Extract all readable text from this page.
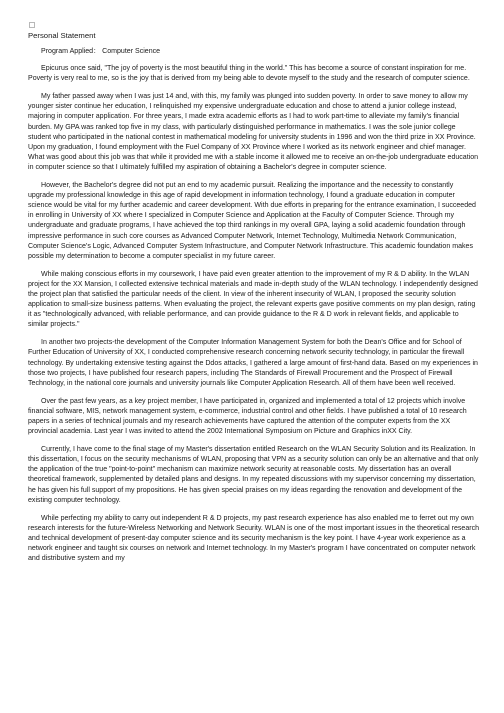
Personal Statement

Program Applied： Computer Science

Epicurus once said, "The joy of poverty is the most beautiful thing in the world." This has become a source of constant inspiration for me. Poverty is very real to me, so is the joy that is derived from my being able to devote myself to the study and the research of computer science.

My father passed away when I was just 14 and, with this, my family was plunged into sudden poverty. In order to save money to allow my younger sister continue her education, I relinquished my expensive undergraduate education and chose to attend a junior college instead, majoring in computer application. For three years, I made extra academic efforts as I had to work part-time to alleviate my family's financial burden. My GPA was ranked top five in my class, with particularly distinguished performance in mathematics. I was the sole junior college student who participated in the national contest in mathematical modeling for university students in 1996 and won the third prize in XX Province. Upon my graduation, I found employment with the Fuel Company of XX Province where I worked as its network engineer and chief manager. What was good about this job was that while it provided me with a stable income it allowed me to receive an on-the-job undergraduate education in computer science so that I ultimately fulfilled my aspiration of obtaining a Bachelor's degree in computer science.

However, the Bachelor's degree did not put an end to my academic pursuit. Realizing the importance and the necessity to constantly upgrade my professional knowledge in this age of rapid development in information technology, I found a graduate education in computer science would be vital for my further academic and career development. With due efforts in preparing for the entrance examination, I succeeded in enrolling in University of XX where I specialized in Computer Science and Application at the Faculty of Computer Science. Through my undergraduate and graduate programs, I have achieved the top third rankings in my overall GPA, laying a solid academic foundation through impressive performance in such core courses as Advanced Computer Network, Internet Technology, Multimedia Network Communication, Computer Science's Logic, Advanced Computer System Infrastructure, and Computer Network Infrastructure. This academic foundation makes possible my determination to become a computer specialist in my future career.

While making conscious efforts in my coursework, I have paid even greater attention to the improvement of my R & D ability. In the WLAN project for the XX Mansion, I collected extensive technical materials and made in-depth study of the WLAN technology. I independently designed the project plan that satisfied the particular needs of the client. In view of the inherent insecurity of WLAN, I proposed the security solution application to small-size business patterns. When evaluating the project, the relevant experts gave positive comments on my plan design, rating it as "technologically advanced, with reliable performance, and can provide guidance to the R & D work in relevant fields, and applicable to similar projects."

In another two projects-the development of the Computer Information Management System for both the Dean's Office and for School of Further Education of University of XX, I conducted comprehensive research concerning network security technology, in particular the firewall technology. By undertaking extensive testing against the Ddos attacks, I gathered a large amount of first-hand data. Based on my experiences in those two projects, I have published four research papers, including The Standards of Firewall Procurement and the Prospect of Firewall Technology, in the national core journals and university journals like Computer Application Research. All of them have been well received.

Over the past few years, as a key project member, I have participated in, organized and implemented a total of 12 projects which involve financial software, MIS, network management system, e-commerce, industrial control and other fields. I have published a total of 10 research papers in a series of technical journals and my research achievements have captured the attention of the computer experts from the XX provincial academia. Last year I was invited to attend the 2002 International Symposium on Picture and Graphics inXX City.

Currently, I have come to the final stage of my Master's dissertation entitled Research on the WLAN Security Solution and its Realization. In this dissertation, I focus on the security mechanisms of WLAN, proposing that VPN as a security solution can only be an alternative and that only the application of the true "point-to-point" mechanism can maximize network security at reasonable costs. My dissertation has an overall theoretical framework, supplemented by detailed plans and designs. In my repeated discussions with my supervisor concerning my dissertation, he has given his full support of my propositions. He has given special praises on my ideas regarding the renovation and development of the existing computer technology.

While perfecting my ability to carry out independent R & D projects, my past research experience has also enabled me to ferret out my own research interests for the future-Wireless Networking and Network Security. WLAN is one of the most important issues in the theoretical research and technical development of present-day computer science and its security mechanism is the key point. I have 4-year work experience as a network engineer and taught six courses on network and Internet technology. In my Master's program I have concentrated on computer network and distributive system and my
